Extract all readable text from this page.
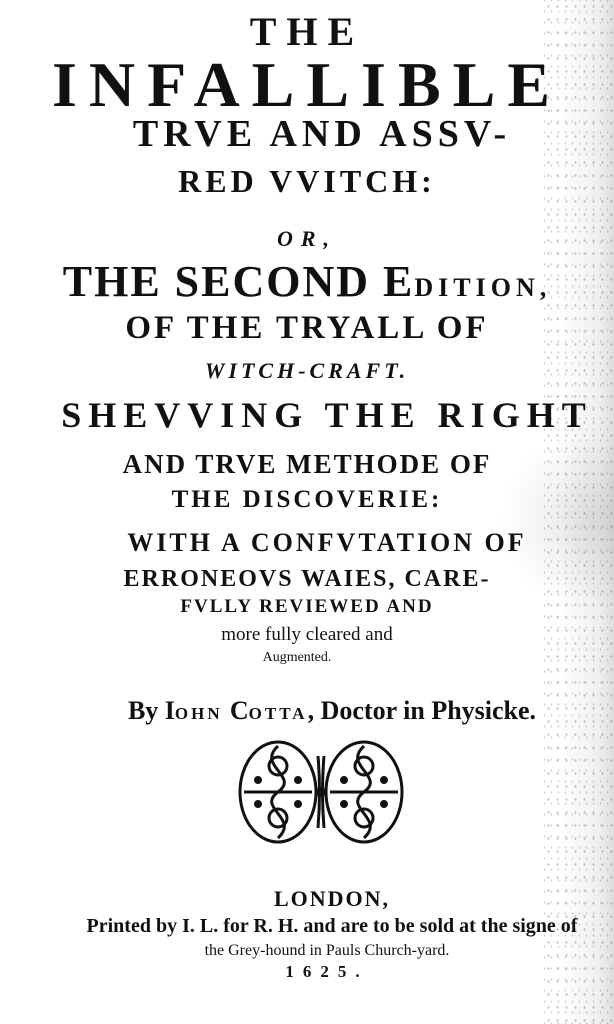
THE
INFALLIBLE
TRVE AND ASSV-
RED VVITCH:
OR,
THE SECOND EDITION,
OF THE TRYALL OF
WITCH-CRAFT.
SHEVVING THE RIGHT
AND TRVE METHODE OF
THE DISCOVERIE:
WITH A CONFVTATION OF
ERRONEOVS WAIES, CARE-
FVLLY REVIEWED AND
more fully cleared and
Augmented.
By IOHN COTTA, Doctor in Physicke.
LONDON,
Printed by I. L. for R. H. and are to be sold at the signe of
the Grey-hound in Pauls Church-yard.
1625.
